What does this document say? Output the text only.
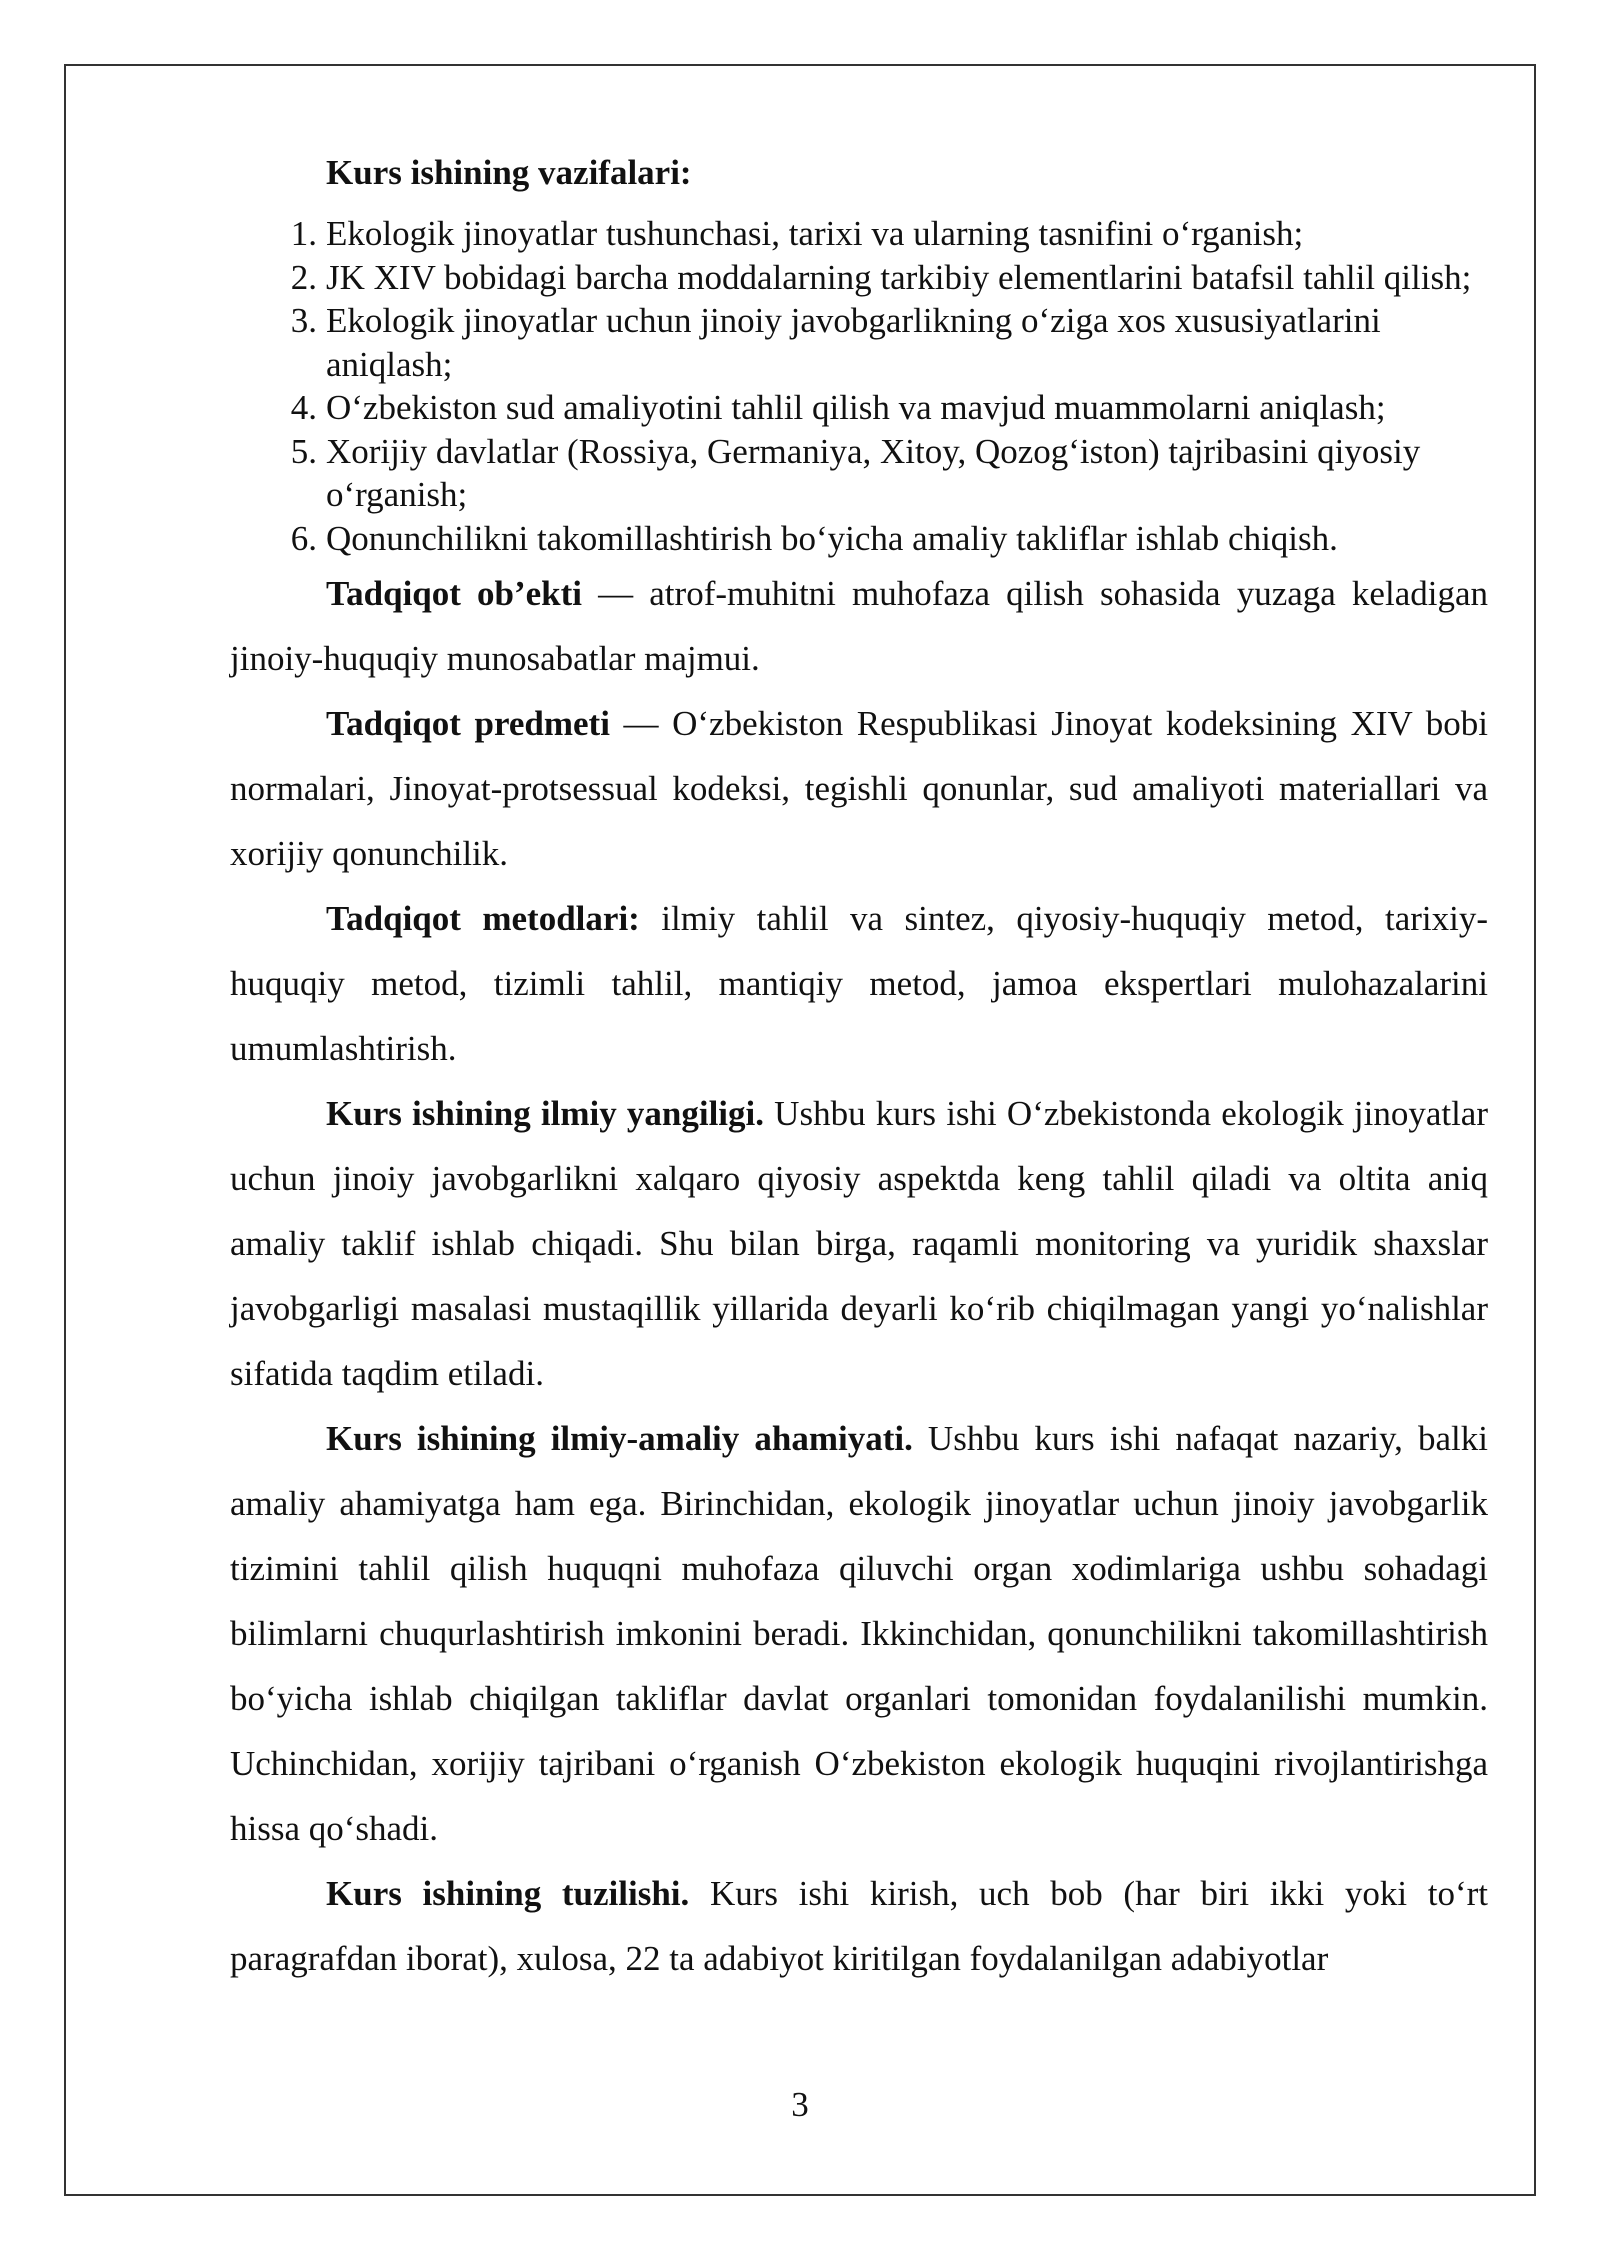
Kurs ishining vazifalari:

1. Ekologik jinoyatlar tushunchasi, tarixi va ularning tasnifini o‘rganish;
2. JK XIV bobidagi barcha moddalarning tarkibiy elementlarini batafsil tahlil qilish;
3. Ekologik jinoyatlar uchun jinoiy javobgarlikning o‘ziga xos xususiyatlarini aniqlash;
4. O‘zbekiston sud amaliyotini tahlil qilish va mavjud muammolarni aniqlash;
5. Xorijiy davlatlar (Rossiya, Germaniya, Xitoy, Qozog‘iston) tajribasini qiyosiy o‘rganish;
6. Qonunchilikni takomillashtirish bo‘yicha amaliy takliflar ishlab chiqish.

Tadqiqot ob’ekti — atrof-muhitni muhofaza qilish sohasida yuzaga keladigan jinoiy-huquqiy munosabatlar majmui.

Tadqiqot predmeti — O‘zbekiston Respublikasi Jinoyat kodeksining XIV bobi normalari, Jinoyat-protsessual kodeksi, tegishli qonunlar, sud amaliyoti materiallari va xorijiy qonunchilik.

Tadqiqot metodlari: ilmiy tahlil va sintez, qiyosiy-huquqiy metod, tarixiy-huquqiy metod, tizimli tahlil, mantiqiy metod, jamoa ekspertlari mulohazalarini umumlashtirish.

Kurs ishining ilmiy yangiligi. Ushbu kurs ishi O‘zbekistonda ekologik jinoyatlar uchun jinoiy javobgarlikni xalqaro qiyosiy aspektda keng tahlil qiladi va oltita aniq amaliy taklif ishlab chiqadi. Shu bilan birga, raqamli monitoring va yuridik shaxslar javobgarligi masalasi mustaqillik yillarida deyarli ko‘rib chiqilmagan yangi yo‘nalishlar sifatida taqdim etiladi.

Kurs ishining ilmiy-amaliy ahamiyati. Ushbu kurs ishi nafaqat nazariy, balki amaliy ahamiyatga ham ega. Birinchidan, ekologik jinoyatlar uchun jinoiy javobgarlik tizimini tahlil qilish huquqni muhofaza qiluvchi organ xodimlariga ushbu sohadagi bilimlarni chuqurlashtirish imkonini beradi. Ikkinchidan, qonunchilikni takomillashtirish bo‘yicha ishlab chiqilgan takliflar davlat organlari tomonidan foydalanilishi mumkin. Uchinchidan, xorijiy tajribani o‘rganish O‘zbekiston ekologik huquqini rivojlantirishga hissa qo‘shadi.

Kurs ishining tuzilishi. Kurs ishi kirish, uch bob (har biri ikki yoki to‘rt paragrafdan iborat), xulosa, 22 ta adabiyot kiritilgan foydalanilgan adabiyotlar

3
